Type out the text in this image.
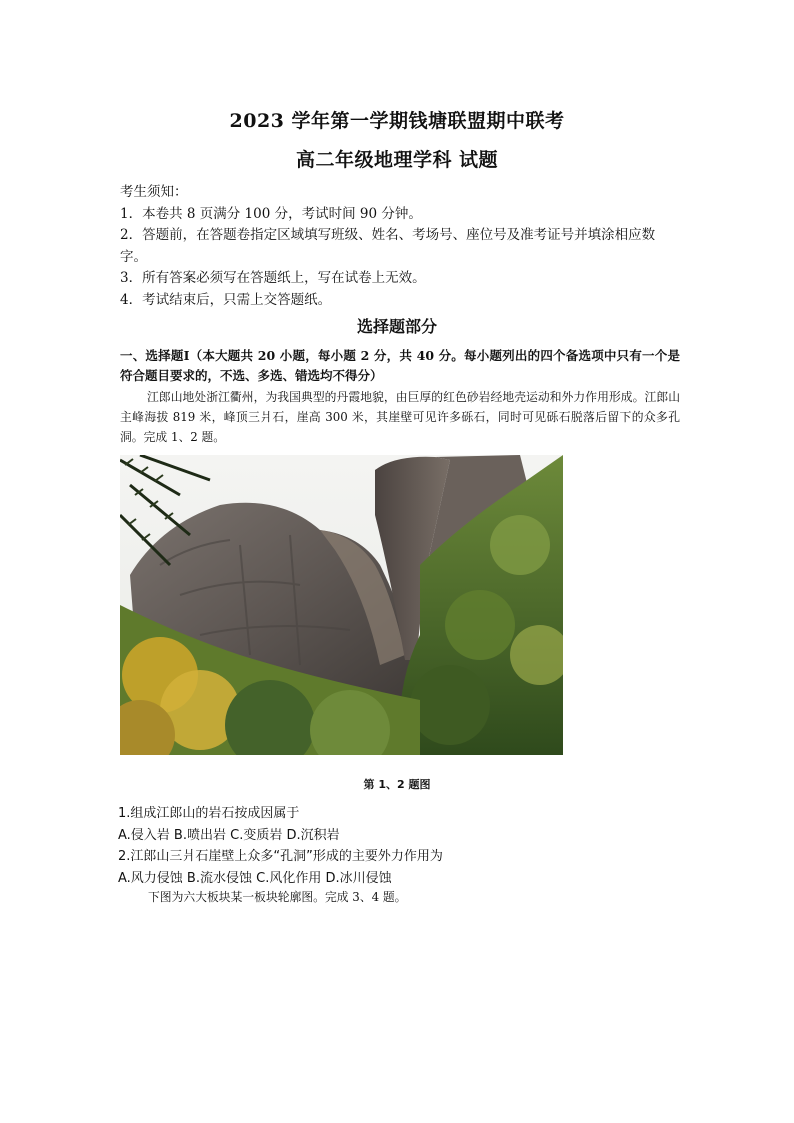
2023 学年第一学期钱塘联盟期中联考
高二年级地理学科 试题
考生须知：
1．本卷共 8 页满分 100 分，考试时间 90 分钟。
2．答题前，在答题卷指定区域填写班级、姓名、考场号、座位号及准考证号并填涂相应数字。
3．所有答案必须写在答题纸上，写在试卷上无效。
4．考试结束后，只需上交答题纸。
选择题部分
一、选择题Ⅰ（本大题共 20 小题，每小题 2 分，共 40 分。每小题列出的四个备选项中只有一个是符合题目要求的，不选、多选、错选均不得分）
江郎山地处浙江衢州，为我国典型的丹霞地貌，由巨厚的红色砂岩经地壳运动和外力作用形成。江郎山主峰海拔 819 米，峰顶三爿石，崖高 300 米，其崖壁可见许多砾石，同时可见砾石脱落后留下的众多孔洞。完成 1、2 题。
第 1、2 题图
1.组成江郎山的岩石按成因属于
A.侵入岩 B.喷出岩 C.变质岩 D.沉积岩
2.江郎山三爿石崖壁上众多“孔洞”形成的主要外力作用为
A.风力侵蚀 B.流水侵蚀 C.风化作用 D.冰川侵蚀
下图为六大板块某一板块轮廓图。完成 3、4 题。
